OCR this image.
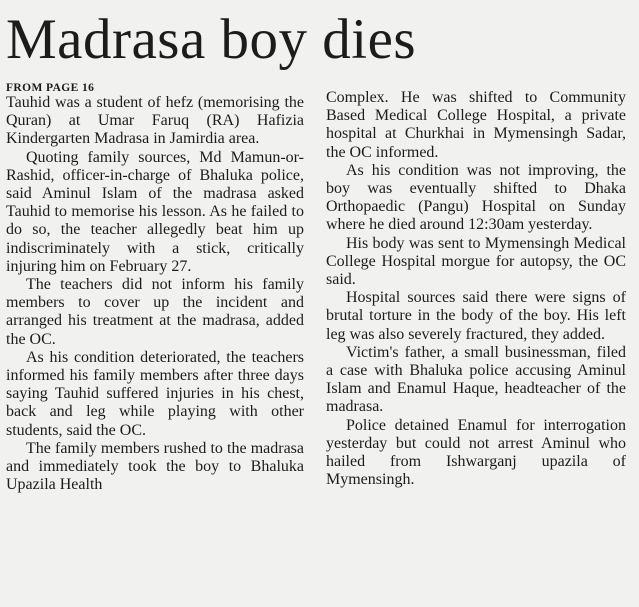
Madrasa boy dies
FROM PAGE 16

Tauhid was a student of hefz (memorising the Quran) at Umar Faruq (RA) Hafizia Kindergarten Madrasa in Jamirdia area.

Quoting family sources, Md Mamun-or-Rashid, officer-in-charge of Bhaluka police, said Aminul Islam of the madrasa asked Tauhid to memorise his lesson. As he failed to do so, the teacher allegedly beat him up indiscriminately with a stick, critically injuring him on February 27.

The teachers did not inform his family members to cover up the incident and arranged his treatment at the madrasa, added the OC.

As his condition deteriorated, the teachers informed his family members after three days saying Tauhid suffered injuries in his chest, back and leg while playing with other students, said the OC.

The family members rushed to the madrasa and immediately took the boy to Bhaluka Upazila Health

Complex. He was shifted to Community Based Medical College Hospital, a private hospital at Churkhai in Mymensingh Sadar, the OC informed.

As his condition was not improving, the boy was eventually shifted to Dhaka Orthopaedic (Pangu) Hospital on Sunday where he died around 12:30am yesterday.

His body was sent to Mymensingh Medical College Hospital morgue for autopsy, the OC said.

Hospital sources said there were signs of brutal torture in the body of the boy. His left leg was also severely fractured, they added.

Victim's father, a small businessman, filed a case with Bhaluka police accusing Aminul Islam and Enamul Haque, headteacher of the madrasa.

Police detained Enamul for interrogation yesterday but could not arrest Aminul who hailed from Ishwarganj upazila of Mymensingh.
